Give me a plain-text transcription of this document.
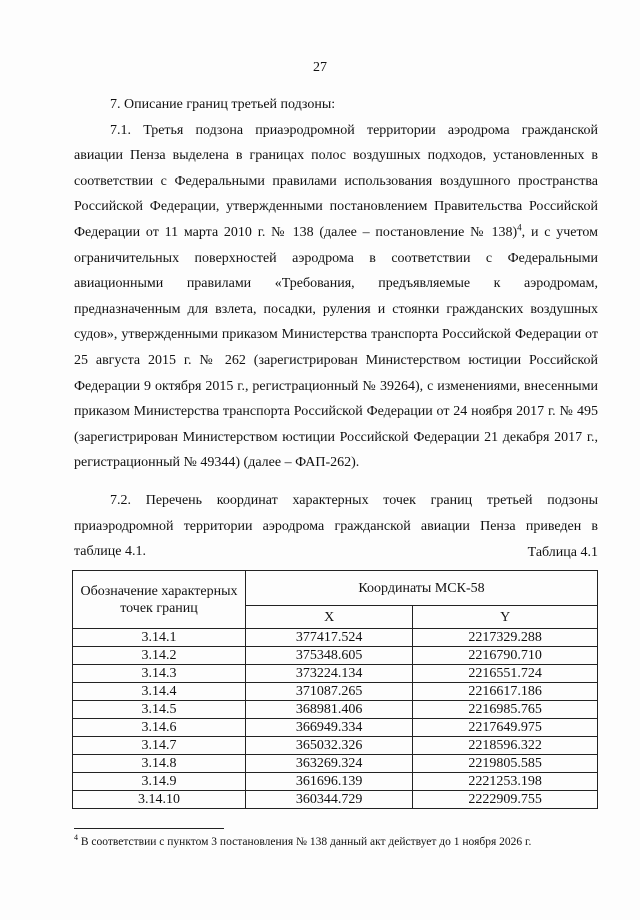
27

7. Описание границ третьей подзоны:

7.1. Третья подзона приаэродромной территории аэродрома гражданской авиации Пенза выделена в границах полос воздушных подходов, установленных в соответствии с Федеральными правилами использования воздушного пространства Российской Федерации, утвержденными постановлением Правительства Российской Федерации от 11 марта 2010 г. № 138 (далее – постановление № 138)$^4$, и с учетом ограничительных поверхностей аэродрома в соответствии с Федеральными авиационными правилами «Требования, предъявляемые к аэродромам, предназначенным для взлета, посадки, руления и стоянки гражданских воздушных судов», утвержденными приказом Министерства транспорта Российской Федерации от 25 августа 2015 г. № 262 (зарегистрирован Министерством юстиции Российской Федерации 9 октября 2015 г., регистрационный № 39264), с изменениями, внесенными приказом Министерства транспорта Российской Федерации от 24 ноября 2017 г. № 495 (зарегистрирован Министерством юстиции Российской Федерации 21 декабря 2017 г., регистрационный № 49344) (далее – ФАП-262).

7.2. Перечень координат характерных точек границ третьей подзоны приаэродромной территории аэродрома гражданской авиации Пенза приведен в таблице 4.1.	Таблица 4.1
Обозначение характерных точек границ	Координаты МСК-58	
	X	Y
3.14.1	377417.524	2217329.288
3.14.2	375348.605	2216790.710
3.14.3	373224.134	2216551.724
3.14.4	371087.265	2216617.186
3.14.5	368981.406	2216985.765
3.14.6	366949.334	2217649.975
3.14.7	365032.326	2218596.322
3.14.8	363269.324	2219805.585
3.14.9	361696.139	2221253.198
3.14.10	360344.729	2222909.755
$^4$ В соответствии с пунктом 3 постановления № 138 данный акт действует до 1 ноября 2026 г.
